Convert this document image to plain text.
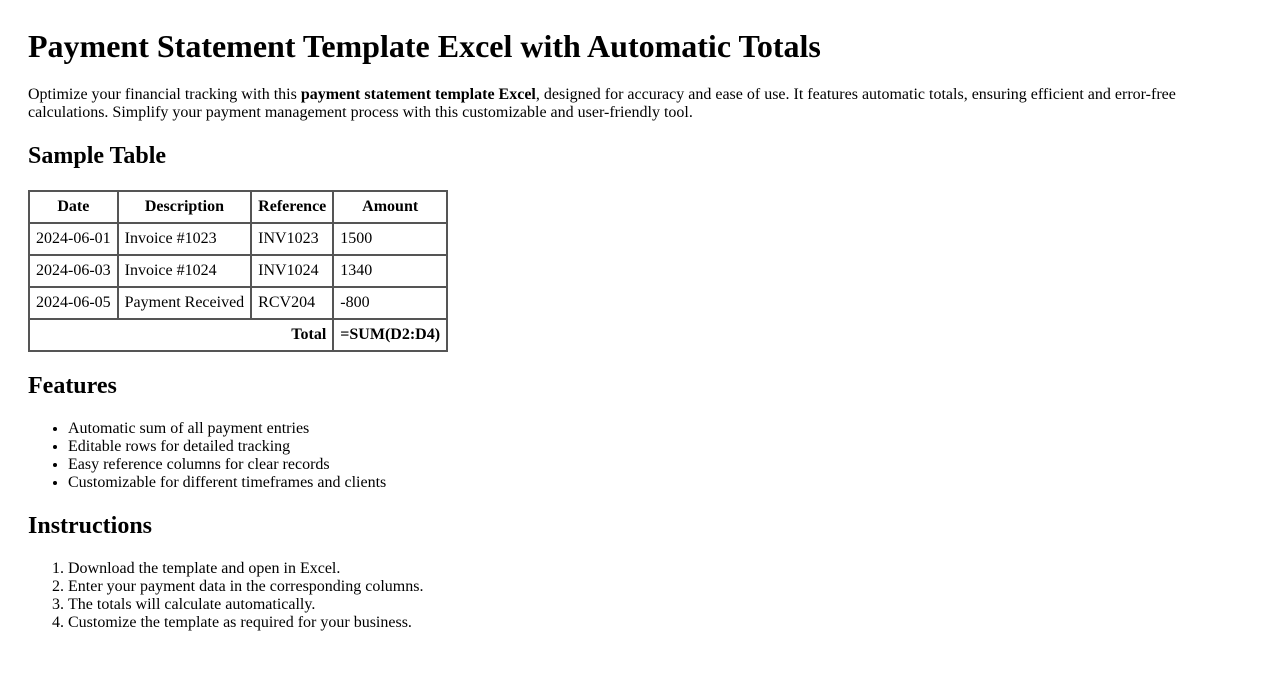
Payment Statement Template Excel with Automatic Totals

Optimize your financial tracking with this payment statement template Excel, designed for accuracy and ease of use. It features automatic totals, ensuring efficient and error-free calculations. Simplify your payment management process with this customizable and user-friendly tool.

Sample Table
Date	Description	Reference	Amount
2024-06-01	Invoice #1023	INV1023	1500
2024-06-03	Invoice #1024	INV1024	1340
2024-06-05	Payment Received	RCV204	-800
Total			=SUM(D2:D4)
Features
• Automatic sum of all payment entries
• Editable rows for detailed tracking
• Easy reference columns for clear records
• Customizable for different timeframes and clients
Instructions
1. Download the template and open in Excel.
2. Enter your payment data in the corresponding columns.
3. The totals will calculate automatically.
4. Customize the template as required for your business.
